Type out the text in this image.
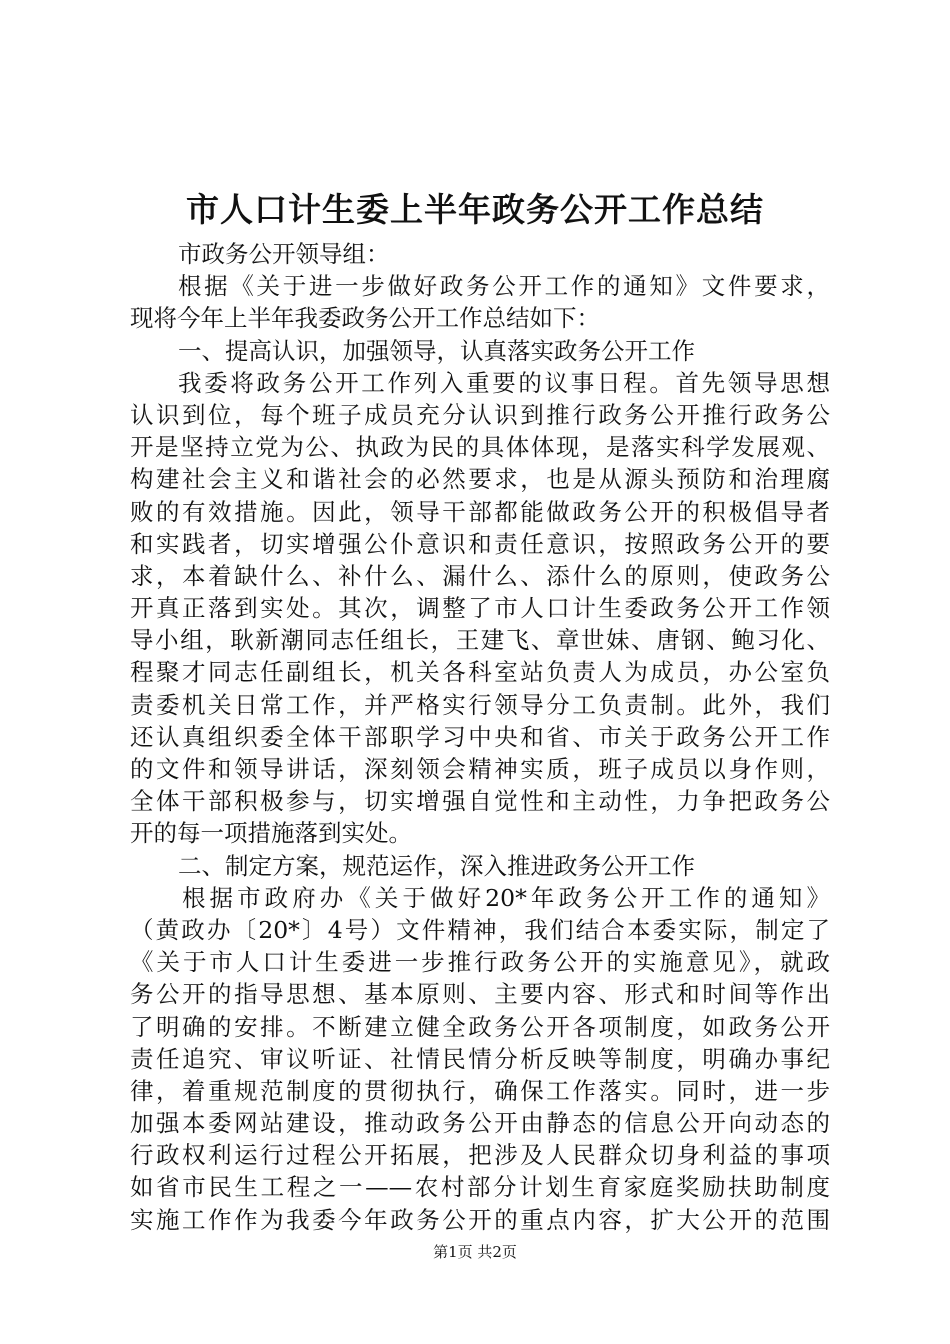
市人口计生委上半年政务公开工作总结
市政务公开领导组：
根据《关于进一步做好政务公开工作的通知》文件要求，
现将今年上半年我委政务公开工作总结如下：
一、提高认识，加强领导，认真落实政务公开工作
我委将政务公开工作列入重要的议事日程。首先领导思想
认识到位，每个班子成员充分认识到推行政务公开推行政务公
开是坚持立党为公、执政为民的具体体现，是落实科学发展观、
构建社会主义和谐社会的必然要求，也是从源头预防和治理腐
败的有效措施。因此，领导干部都能做政务公开的积极倡导者
和实践者，切实增强公仆意识和责任意识，按照政务公开的要
求，本着缺什么、补什么、漏什么、添什么的原则，使政务公
开真正落到实处。其次，调整了市人口计生委政务公开工作领
导小组，耿新潮同志任组长，王建飞、章世妹、唐钢、鲍习化、
程聚才同志任副组长，机关各科室站负责人为成员，办公室负
责委机关日常工作，并严格实行领导分工负责制。此外，我们
还认真组织委全体干部职学习中央和省、市关于政务公开工作
的文件和领导讲话，深刻领会精神实质，班子成员以身作则，
全体干部积极参与，切实增强自觉性和主动性，力争把政务公
开的每一项措施落到实处。
二、制定方案，规范运作，深入推进政务公开工作
根据市政府办《关于做好20*年政务公开工作的通知》
（黄政办〔20*〕4号）文件精神，我们结合本委实际，制定了
《关于市人口计生委进一步推行政务公开的实施意见》，就政
务公开的指导思想、基本原则、主要内容、形式和时间等作出
了明确的安排。不断建立健全政务公开各项制度，如政务公开
责任追究、审议听证、社情民情分析反映等制度，明确办事纪
律，着重规范制度的贯彻执行，确保工作落实。同时，进一步
加强本委网站建设，推动政务公开由静态的信息公开向动态的
行政权利运行过程公开拓展，把涉及人民群众切身利益的事项
如省市民生工程之一——农村部分计划生育家庭奖励扶助制度
实施工作作为我委今年政务公开的重点内容，扩大公开的范围
第1页 共2页
